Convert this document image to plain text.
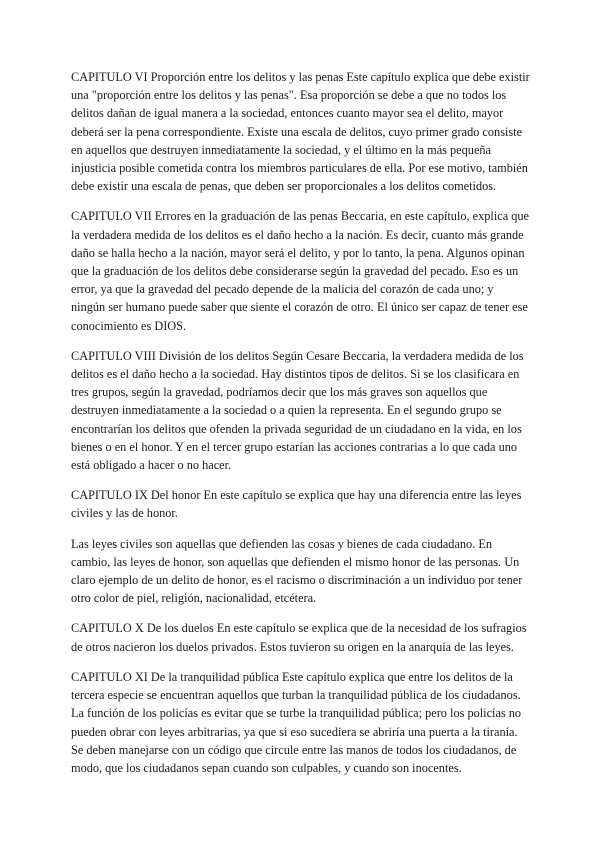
CAPITULO VI Proporción entre los delitos y las penas Este capítulo explica que debe existir una "proporción entre los delitos y las penas". Esa proporción se debe a que no todos los delitos dañan de igual manera a la sociedad, entonces cuanto mayor sea el delito, mayor deberá ser la pena correspondiente. Existe una escala de delitos, cuyo primer grado consiste en aquellos que destruyen inmediatamente la sociedad, y el último en la más pequeña injusticia posible cometida contra los miembros particulares de ella. Por ese motivo, también debe existir una escala de penas, que deben ser proporcionales a los delitos cometidos.

CAPITULO VII Errores en la graduación de las penas Beccaria, en este capítulo, explica que la verdadera medida de los delitos es el daño hecho a la nación. Es decir, cuanto más grande daño se halla hecho a la nación, mayor será el delito, y por lo tanto, la pena. Algunos opinan que la graduación de los delitos debe considerarse según la gravedad del pecado. Eso es un error, ya que la gravedad del pecado depende de la malicia del corazón de cada uno; y ningún ser humano puede saber que siente el corazón de otro. El único ser capaz de tener ese conocimiento es DIOS.

CAPITULO VIII División de los delitos Según Cesare Beccaria, la verdadera medida de los delitos es el daño hecho a la sociedad. Hay distintos tipos de delitos. Si se los clasificara en tres grupos, según la gravedad, podríamos decir que los más graves son aquellos que destruyen inmediatamente a la sociedad o a quien la representa. En el segundo grupo se encontrarían los delitos que ofenden la privada seguridad de un ciudadano en la vida, en los bienes o en el honor. Y en el tercer grupo estarían las acciones contrarias a lo que cada uno está obligado a hacer o no hacer.

CAPITULO IX Del honor En este capítulo se explica que hay una diferencia entre las leyes civiles y las de honor.

Las leyes civiles son aquellas que defienden las cosas y bienes de cada ciudadano. En cambio, las leyes de honor, son aquellas que defienden el mismo honor de las personas. Un claro ejemplo de un delito de honor, es el racismo o discriminación a un individuo por tener otro color de piel, religión, nacionalidad, etcétera.

CAPITULO X De los duelos En este capítulo se explica que de la necesidad de los sufragios de otros nacieron los duelos privados. Estos tuvieron su origen en la anarquía de las leyes.

CAPITULO XI De la tranquilidad pública Este capítulo explica que entre los delitos de la tercera especie se encuentran aquellos que turban la tranquilidad pública de los ciudadanos. La función de los policías es evitar que se turbe la tranquilidad pública; pero los policías no pueden obrar con leyes arbitrarias, ya que si eso sucediera se abriría una puerta a la tiranía. Se deben manejarse con un código que circule entre las manos de todos los ciudadanos, de modo, que los ciudadanos sepan cuando son culpables, y cuando son inocentes.
